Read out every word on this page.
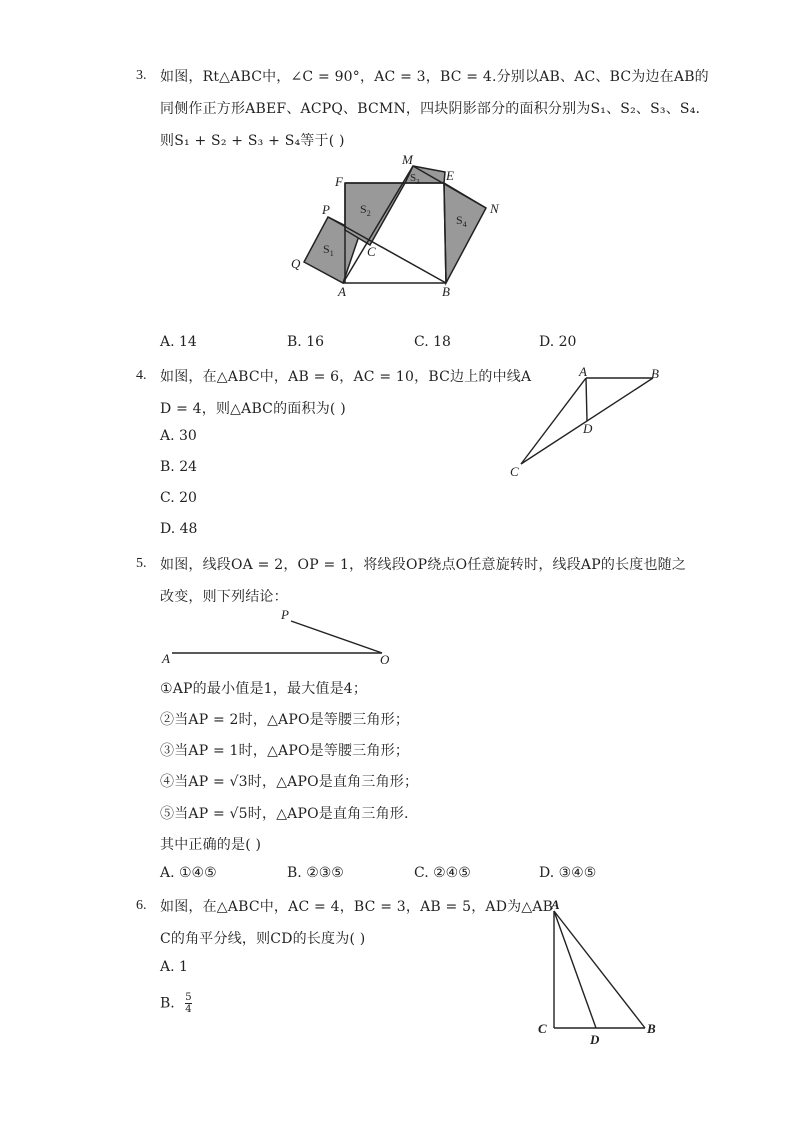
3. 如图，Rt△ABC中，∠C = 90°，AC = 3，BC = 4.分别以AB、AC、BC为边在AB的
同侧作正方形ABEF、ACPQ、BCMN，四块阴影部分的面积分别为S₁、S₂、S₃、S₄.
则S₁ + S₂ + S₃ + S₄等于( )
M
F	$S_3$ E
N
P	$S_2$	$S_4$
$S_1$	C
Q
A	B
A. 14	B. 16	C. 18	D. 20
4. 如图，在△ABC中，AB = 6，AC = 10，BC边上的中线A
D = 4，则△ABC的面积为( )
A. 30
B. 24
C. 20
D. 48
A	B
D
C
5. 如图，线段OA = 2，OP = 1，将线段OP绕点O任意旋转时，线段AP的长度也随之
改变，则下列结论：
P
A	O
①AP的最小值是1，最大值是4；
②当AP = 2时，△APO是等腰三角形；
③当AP = 1时，△APO是等腰三角形；
④当AP = √3时，△APO是直角三角形；
⑤当AP = √5时，△APO是直角三角形.
其中正确的是( )
A. ①④⑤	B. ②③⑤	C. ②④⑤	D. ③④⑤
6. 如图，在△ABC中，AC = 4，BC = 3，AB = 5，AD为△AB
C的角平分线，则CD的长度为( )
A. 1
B. $\frac{5}{4}$
A
C
D
B
